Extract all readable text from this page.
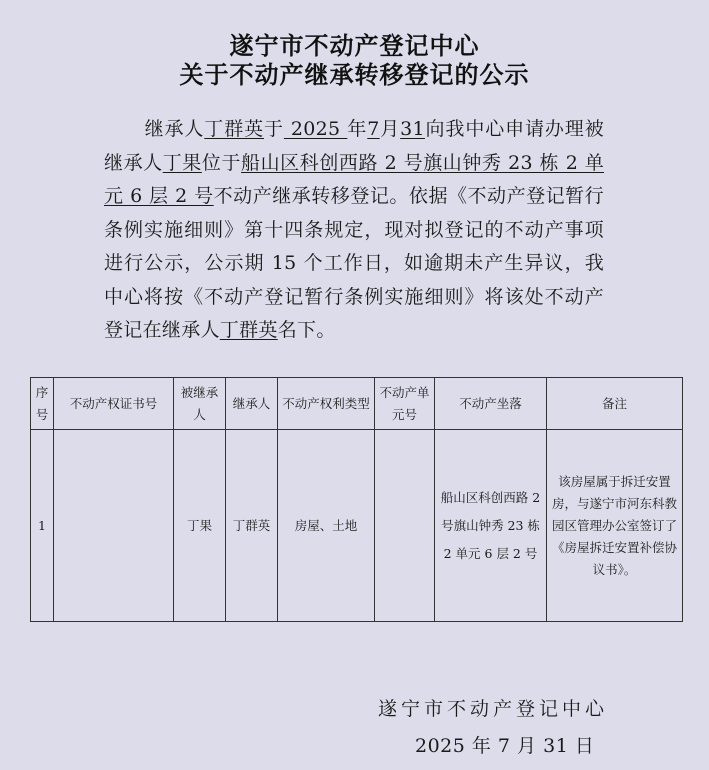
遂宁市不动产登记中心
关于不动产继承转移登记的公示
继承人丁群英于 2025 年7月31向我中心申请办理被继承人丁果位于船山区科创西路 2 号旗山钟秀 23 栋 2 单元 6 层 2 号不动产继承转移登记。依据《不动产登记暂行条例实施细则》第十四条规定，现对拟登记的不动产事项进行公示，公示期 15 个工作日，如逾期未产生异议，我中心将按《不动产登记暂行条例实施细则》将该处不动产登记在继承人丁群英名下。
序号	不动产权证书号	被继承人	继承人	不动产权利类型	不动产单元号	不动产坐落	备注
1		丁果	丁群英	房屋、土地		船山区科创西路 2 号旗山钟秀 23 栋 2 单元 6 层 2 号	该房屋属于拆迁安置房，与遂宁市河东科教园区管理办公室签订了《房屋拆迁安置补偿协议书》。
遂宁市不动产登记中心
2025 年 7 月 31 日
